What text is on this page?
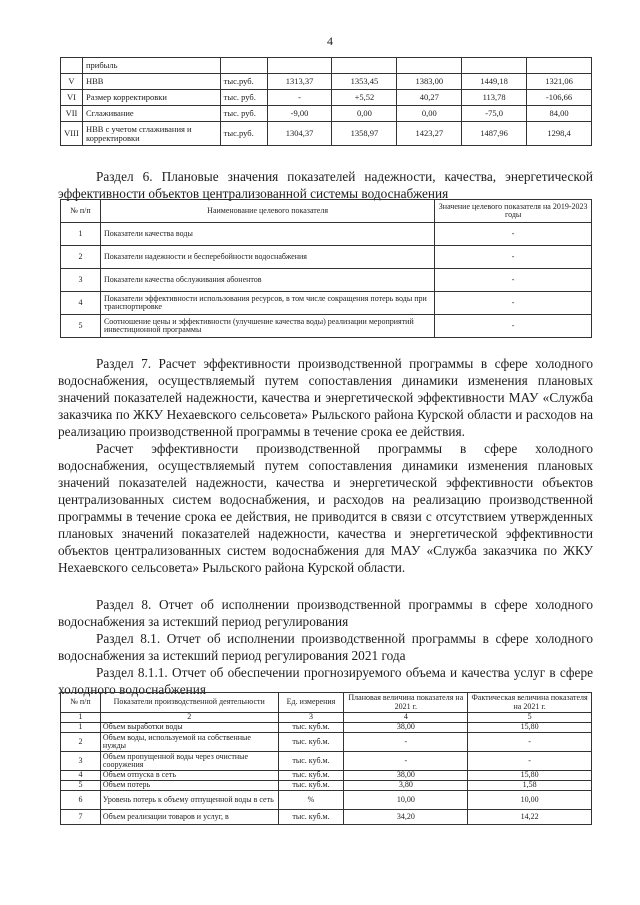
4
	прибыль						
V	НВВ	тыс.руб.	1313,37	1353,45	1383,00	1449,18	1321,06
VI	Размер корректировки	тыс. руб.	-	+5,52	40,27	113,78	-106,66
VII	Сглаживание	тыс. руб.	-9,00	0,00	0,00	-75,0	84,00
VIII	НВВ с учетом сглаживания и корректировки	тыс.руб.	1304,37	1358,97	1423,27	1487,96	1298,4

Раздел 6. Плановые значения показателей надежности, качества, энергетической эффективности объектов централизованной системы водоснабжения

№ п/п	Наименование целевого показателя	Значение целевого показателя на 2019-2023 годы
1	Показатели качества воды	-
2	Показатели надежности и бесперебойности водоснабжения	-
3	Показатели качества обслуживания абонентов	-
4	Показатели эффективности использования ресурсов, в том числе сокращения потерь воды при транспортировке	-
5	Соотношение цены и эффективности (улучшение качества воды) реализации мероприятий инвестиционной программы	-

Раздел 7. Расчет эффективности производственной программы в сфере холодного водоснабжения, осуществляемый путем сопоставления динамики изменения плановых значений показателей надежности, качества и энергетической эффективности МАУ «Служба заказчика по ЖКУ Нехаевского сельсовета» Рыльского района Курской области и расходов на реализацию производственной программы в течение срока ее действия.

Расчет эффективности производственной программы в сфере холодного водоснабжения, осуществляемый путем сопоставления динамики изменения плановых значений показателей надежности, качества и энергетической эффективности объектов централизованных систем водоснабжения, и расходов на реализацию производственной программы в течение срока ее действия, не приводится в связи с отсутствием утвержденных плановых значений показателей надежности, качества и энергетической эффективности объектов централизованных систем водоснабжения для МАУ «Служба заказчика по ЖКУ Нехаевского сельсовета» Рыльского района Курской области.

Раздел 8. Отчет об исполнении производственной программы в сфере холодного водоснабжения за истекший период регулирования

Раздел 8.1. Отчет об исполнении производственной программы в сфере холодного водоснабжения за истекший период регулирования 2021 года

Раздел 8.1.1. Отчет об обеспечении прогнозируемого объема и качества услуг в сфере холодного водоснабжения

№ п/п	Показатели производственной деятельности	Ед. измерения	Плановая величина показателя на 2021 г.	Фактическая величина показателя на 2021 г.
1	2	3	4	5
1	Объем выработки воды	тыс. куб.м.	38,00	15,80
2	Объем воды, используемой на собственные нужды	тыс. куб.м.	-	-
3	Объем пропущенной воды через очистные сооружения	тыс. куб.м.	-	-
4	Объем отпуска в сеть	тыс. куб.м.	38,00	15,80
5	Объем потерь	тыс. куб.м.	3,80	1,58
6	Уровень потерь к объему отпущенной воды в сеть	%	10,00	10,00
7	Объем реализации товаров и услуг, в	тыс. куб.м.	34,20	14,22
